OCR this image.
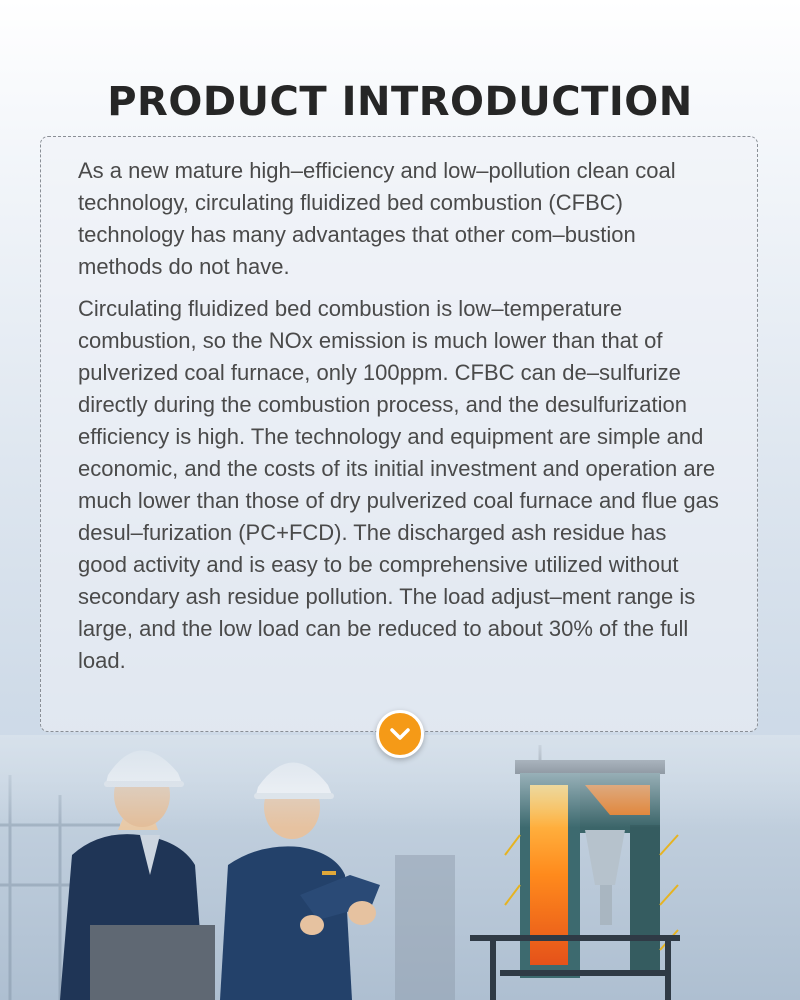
PRODUCT INTRODUCTION

As a new mature high–efficiency and low–pollution clean coal technology, circulating fluidized bed combustion (CFBC) technology has many advantages that other com–bustion methods do not have.

Circulating fluidized bed combustion is low–temperature combustion, so the NOx emission is much lower than that of pulverized coal furnace, only 100ppm. CFBC can de–sulfurize directly during the combustion process, and the desulfurization efficiency is high. The technology and equipment are simple and economic, and the costs of its initial investment and operation are much lower than those of dry pulverized coal furnace and flue gas desul–furization (PC+FCD). The discharged ash residue has good activity and is easy to be comprehensive utilized without secondary ash residue pollution. The load adjust–ment range is large, and the low load can be reduced to about 30% of the full load.
